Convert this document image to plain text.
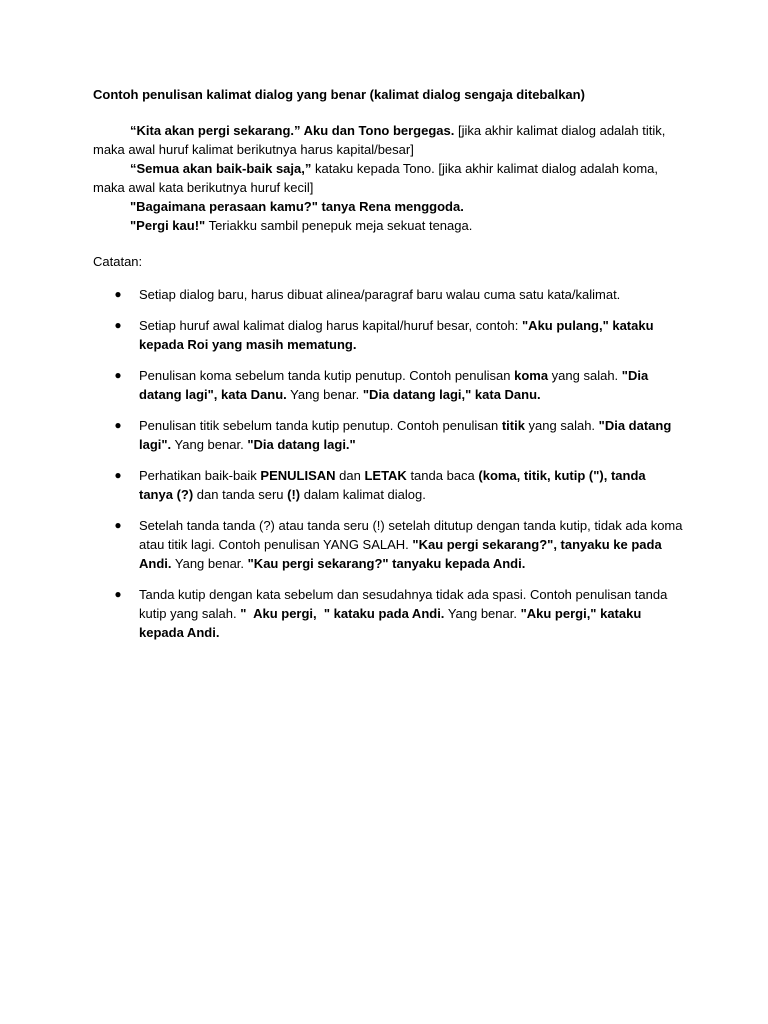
Contoh penulisan kalimat dialog yang benar (kalimat dialog sengaja ditebalkan)

“Kita akan pergi sekarang.” Aku dan Tono bergegas. [jika akhir kalimat dialog adalah titik, maka awal huruf kalimat berikutnya harus kapital/besar]

“Semua akan baik-baik saja,” kataku kepada Tono. [jika akhir kalimat dialog adalah koma, maka awal kata berikutnya huruf kecil]

"Bagaimana perasaan kamu?" tanya Rena menggoda.

"Pergi kau!" Teriakku sambil penepuk meja sekuat tenaga.

Catatan:

● Setiap dialog baru, harus dibuat alinea/paragraf baru walau cuma satu kata/kalimat.
● Setiap huruf awal kalimat dialog harus kapital/huruf besar, contoh: "Aku pulang," kataku kepada Roi yang masih mematung.
● Penulisan koma sebelum tanda kutip penutup. Contoh penulisan koma yang salah. "Dia datang lagi", kata Danu. Yang benar. "Dia datang lagi," kata Danu.
● Penulisan titik sebelum tanda kutip penutup. Contoh penulisan titik yang salah. "Dia datang lagi". Yang benar. "Dia datang lagi."
● Perhatikan baik-baik PENULISAN dan LETAK tanda baca (koma, titik, kutip ("), tanda tanya (?) dan tanda seru (!) dalam kalimat dialog.
● Setelah tanda tanda (?) atau tanda seru (!) setelah ditutup dengan tanda kutip, tidak ada koma atau titik lagi. Contoh penulisan YANG SALAH. "Kau pergi sekarang?", tanyaku ke pada Andi. Yang benar. "Kau pergi sekarang?" tanyaku kepada Andi.
● Tanda kutip dengan kata sebelum dan sesudahnya tidak ada spasi. Contoh penulisan tanda kutip yang salah. "  Aku pergi,  " kataku pada Andi. Yang benar. "Aku pergi," kataku kepada Andi.
